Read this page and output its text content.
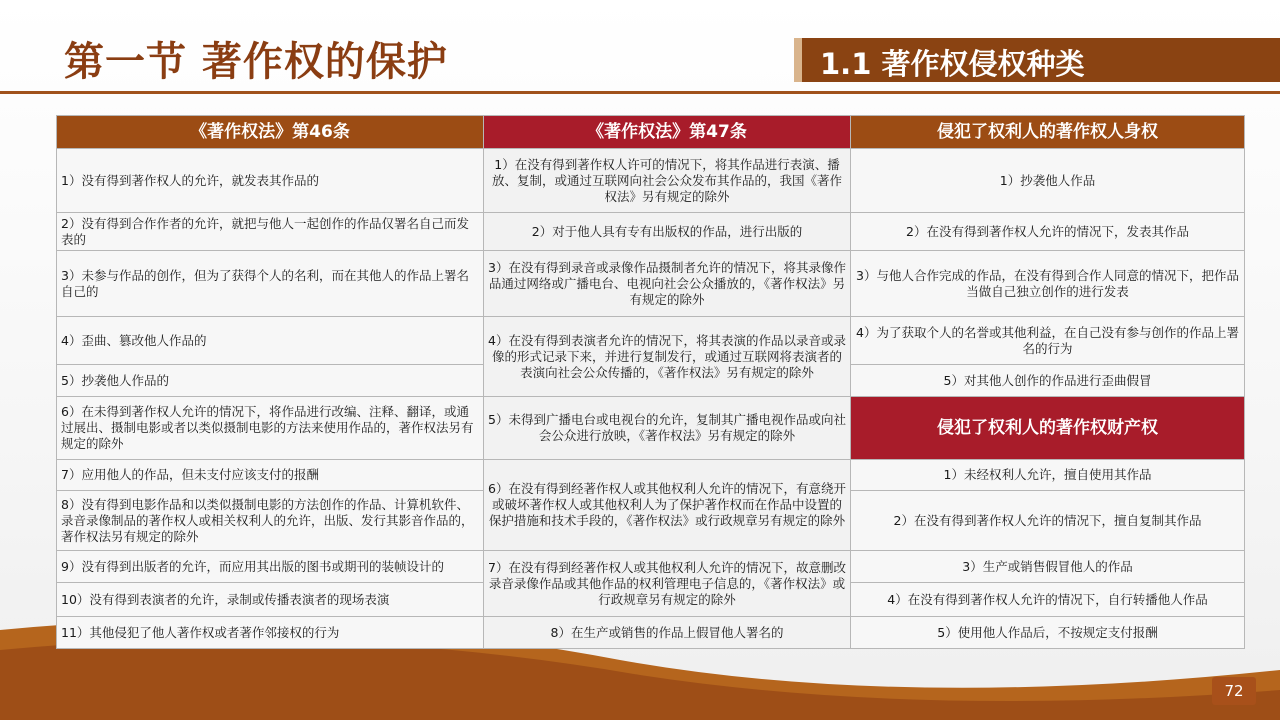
第一节 著作权的保护	1.1 著作权侵权种类
《著作权法》第46条	《著作权法》第47条	侵犯了权利人的著作权人身权
1）没有得到著作权人的允许，就发表其作品的	1）在没有得到著作权人许可的情况下，将其作品进行表演、播放、复制，或通过互联网向社会公众发布其作品的，我国《著作权法》另有规定的除外	1）抄袭他人作品
2）没有得到合作作者的允许，就把与他人一起创作的作品仅署名自己而发表的	2）对于他人具有专有出版权的作品，进行出版的	2）在没有得到著作权人允许的情况下，发表其作品
3）未参与作品的创作，但为了获得个人的名利，而在其他人的作品上署名自己的	3）在没有得到录音或录像作品摄制者允许的情况下，将其录像作品通过网络或广播电台、电视向社会公众播放的，《著作权法》另有规定的除外	3）与他人合作完成的作品，在没有得到合作人同意的情况下，把作品当做自己独立创作的进行发表
4）歪曲、篡改他人作品的	4）在没有得到表演者允许的情况下，将其表演的作品以录音或录像的形式记录下来，并进行复制发行，或通过互联网将表演者的表演向社会公众传播的，《著作权法》另有规定的除外	4）为了获取个人的名誉或其他利益，在自己没有参与创作的作品上署名的行为
5）抄袭他人作品的		5）对其他人创作的作品进行歪曲假冒
6）在未得到著作权人允许的情况下，将作品进行改编、注释、翻译，或通过展出、摄制电影或者以类似摄制电影的方法来使用作品的，著作权法另有规定的除外	5）未得到广播电台或电视台的允许，复制其广播电视作品或向社会公众进行放映，《著作权法》另有规定的除外	侵犯了权利人的著作权财产权
7）应用他人的作品，但未支付应该支付的报酬	6）在没有得到经著作权人或其他权利人允许的情况下，有意绕开或破坏著作权人或其他权利人为了保护著作权而在作品中设置的保护措施和技术手段的，《著作权法》或行政规章另有规定的除外	1）未经权利人允许，擅自使用其作品
8）没有得到电影作品和以类似摄制电影的方法创作的作品、计算机软件、录音录像制品的著作权人或相关权利人的允许，出版、发行其影音作品的，著作权法另有规定的除外		2）在没有得到著作权人允许的情况下，擅自复制其作品
9）没有得到出版者的允许，而应用其出版的图书或期刊的装帧设计的	7）在没有得到经著作权人或其他权利人允许的情况下，故意删改录音录像作品或其他作品的权利管理电子信息的，《著作权法》或行政规章另有规定的除外	3）生产或销售假冒他人的作品
10）没有得到表演者的允许，录制或传播表演者的现场表演		4）在没有得到著作权人允许的情况下，自行转播他人作品
11）其他侵犯了他人著作权或者著作邻接权的行为	8）在生产或销售的作品上假冒他人署名的	5）使用他人作品后，不按规定支付报酬
72
